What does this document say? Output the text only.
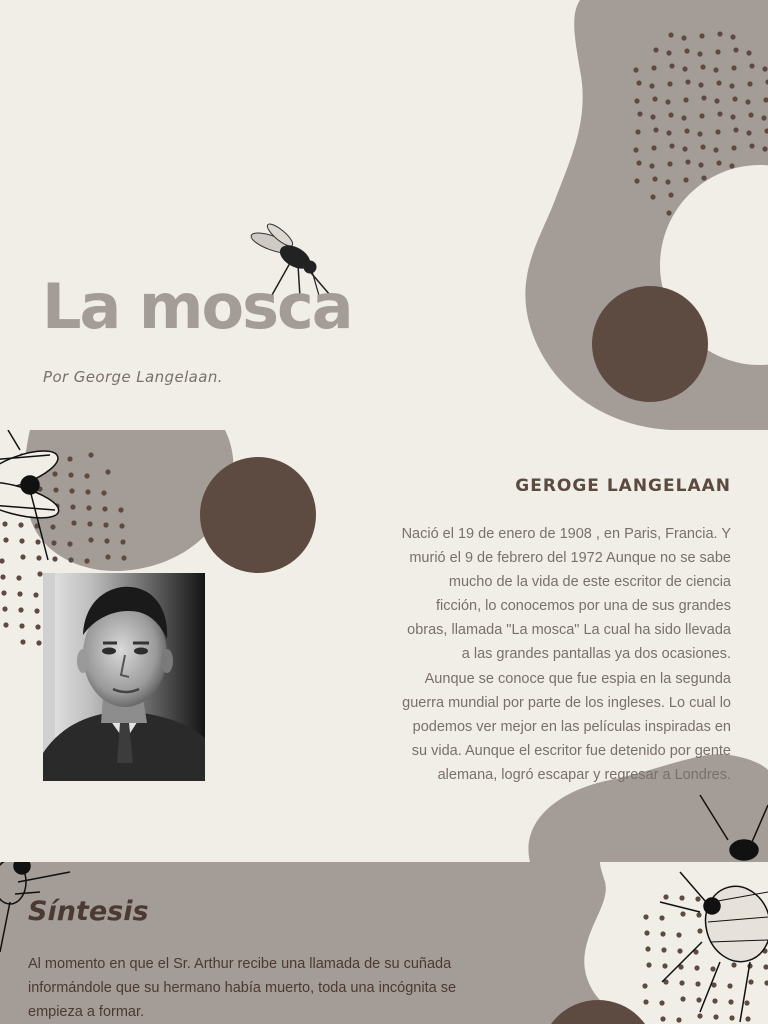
La mosca
Por George Langelaan.
GEROGE LANGELAAN

Nació el 19 de enero de 1908 , en Paris, Francia. Y murió el 9 de febrero del 1972 Aunque no se sabe mucho de la vida de este escritor de ciencia ficción, lo conocemos por una de sus grandes obras, llamada "La mosca" La cual ha sido llevada a las grandes pantallas ya dos ocasiones.

Aunque se conoce que fue espia en la segunda guerra mundial por parte de los ingleses. Lo cual lo podemos ver mejor en las películas inspiradas en su vida. Aunque el escritor fue detenido por gente alemana, logró escapar y regresar a Londres.

Síntesis
Al momento en que el Sr. Arthur recibe una llamada de su cuñada informándole que su hermano había muerto, toda una incógnita se empieza a formar.
